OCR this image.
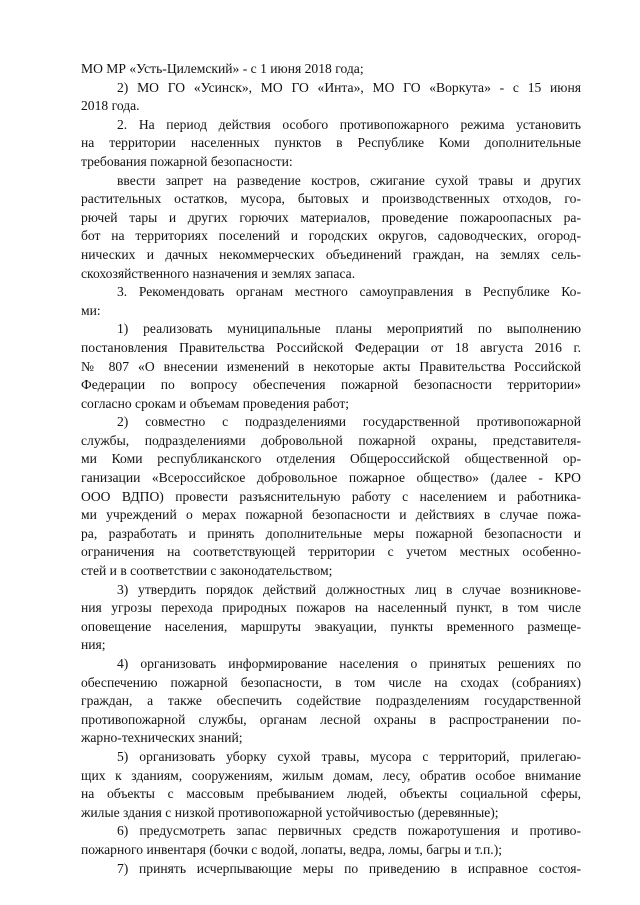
МО МР «Усть-Цилемский» - с 1 июня 2018 года;
2) МО ГО «Усинск», МО ГО «Инта», МО ГО «Воркута» - с 15 июня
2018 года.
2. На период действия особого противопожарного режима установить
на территории населенных пунктов в Республике Коми дополнительные
требования пожарной безопасности:
ввести запрет на разведение костров, сжигание сухой травы и других
растительных остатков, мусора, бытовых и производственных отходов, го-
рючей тары и других горючих материалов, проведение пожароопасных ра-
бот на территориях поселений и городских округов, садоводческих, огород-
нических и дачных некоммерческих объединений граждан, на землях сель-
скохозяйственного назначения и землях запаса.
3. Рекомендовать органам местного самоуправления в Республике Ко-
ми:
1) реализовать муниципальные планы мероприятий по выполнению
постановления Правительства Российской Федерации от 18 августа 2016 г.
№ 807 «О внесении изменений в некоторые акты Правительства Российской
Федерации по вопросу обеспечения пожарной безопасности территории»
согласно срокам и объемам проведения работ;
2) совместно с подразделениями государственной противопожарной
службы, подразделениями добровольной пожарной охраны, представителя-
ми Коми республиканского отделения Общероссийской общественной ор-
ганизации «Всероссийское добровольное пожарное общество» (далее - КРО
ООО ВДПО) провести разъяснительную работу с населением и работника-
ми учреждений о мерах пожарной безопасности и действиях в случае пожа-
ра, разработать и принять дополнительные меры пожарной безопасности и
ограничения на соответствующей территории с учетом местных особенно-
стей и в соответствии с законодательством;
3) утвердить порядок действий должностных лиц в случае возникнове-
ния угрозы перехода природных пожаров на населенный пункт, в том числе
оповещение населения, маршруты эвакуации, пункты временного размеще-
ния;
4) организовать информирование населения о принятых решениях по
обеспечению пожарной безопасности, в том числе на сходах (собраниях)
граждан, а также обеспечить содействие подразделениям государственной
противопожарной службы, органам лесной охраны в распространении по-
жарно-технических знаний;
5) организовать уборку сухой травы, мусора с территорий, прилегаю-
щих к зданиям, сооружениям, жилым домам, лесу, обратив особое внимание
на объекты с массовым пребыванием людей, объекты социальной сферы,
жилые здания с низкой противопожарной устойчивостью (деревянные);
6) предусмотреть запас первичных средств пожаротушения и противо-
пожарного инвентаря (бочки с водой, лопаты, ведра, ломы, багры и т.п.);
7) принять исчерпывающие меры по приведению в исправное состоя-
